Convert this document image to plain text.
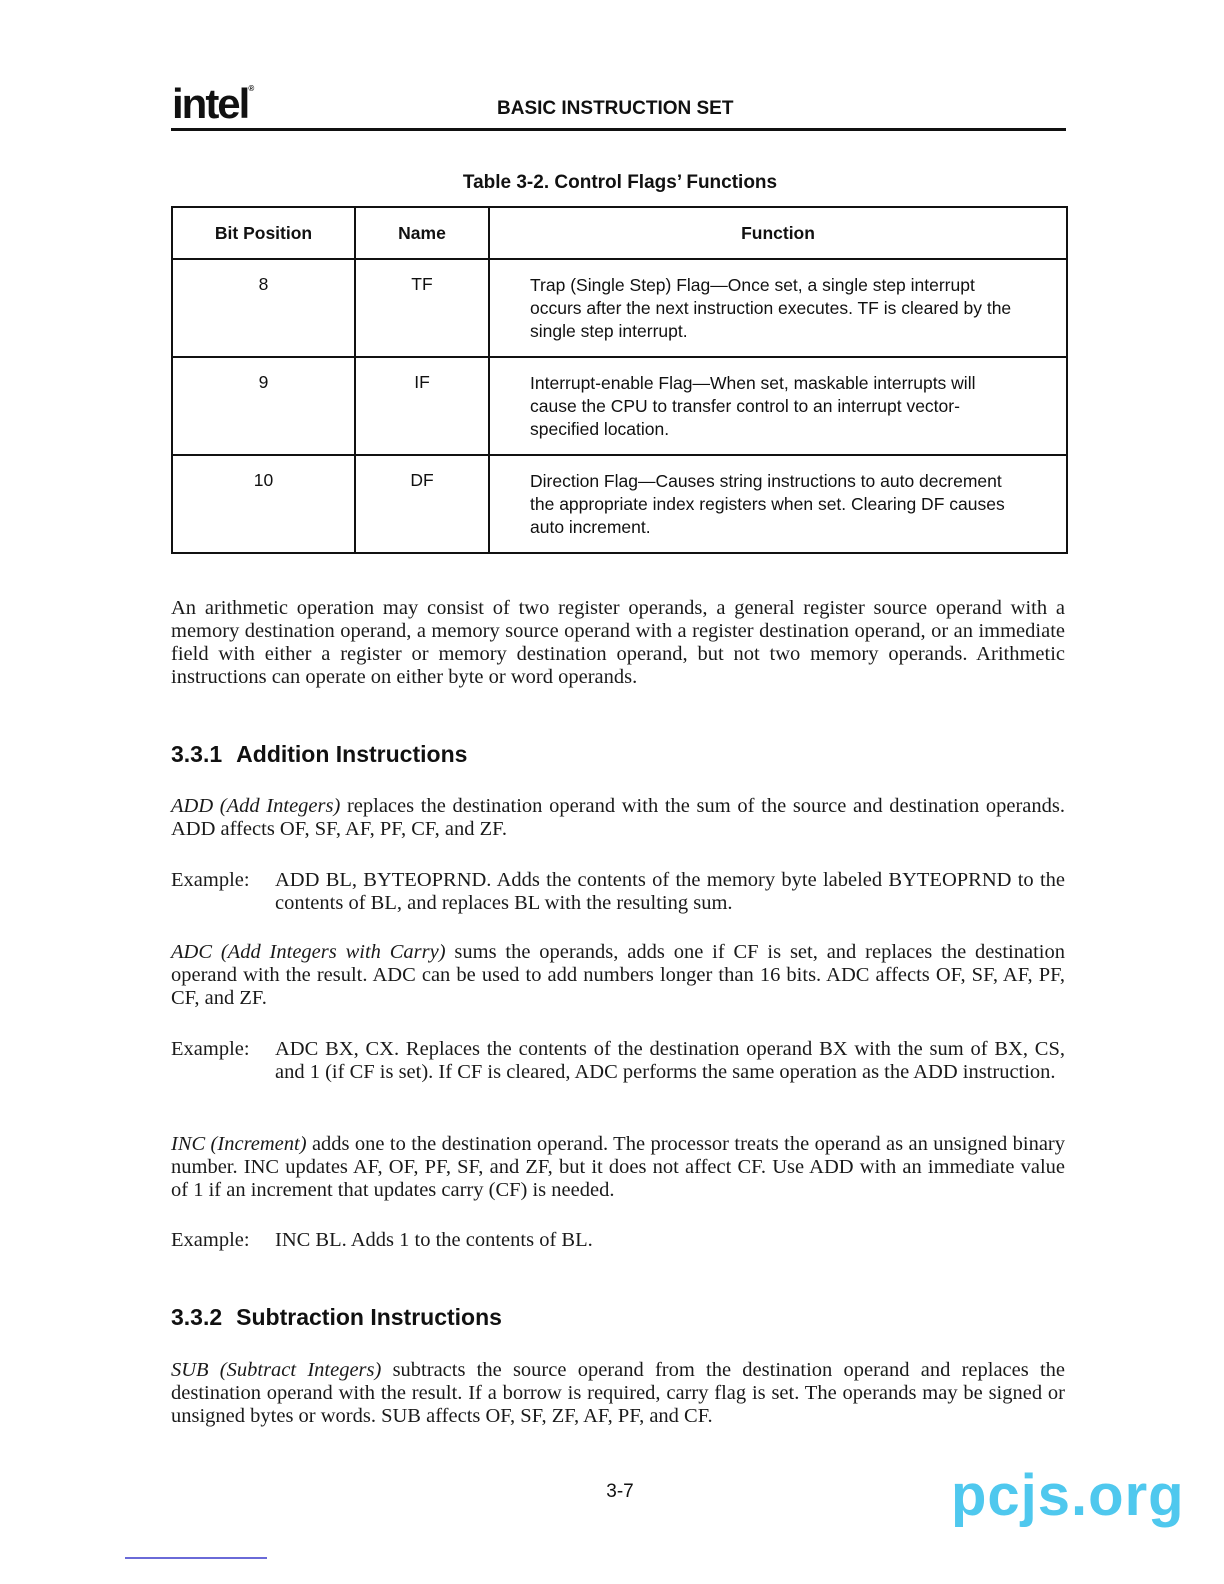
intel®
BASIC INSTRUCTION SET
Table 3-2. Control Flags’ Functions
Bit Position	Name	Function
8	TF	Trap (Single Step) Flag—Once set, a single step interrupt occurs after the next instruction executes. TF is cleared by the single step interrupt.
9	IF	Interrupt-enable Flag—When set, maskable interrupts will cause the CPU to transfer control to an interrupt vector-specified location.
10	DF	Direction Flag—Causes string instructions to auto decrement the appropriate index registers when set. Clearing DF causes auto increment.
An arithmetic operation may consist of two register operands, a general register source operand with a memory destination operand, a memory source operand with a register destination operand, or an immediate field with either a register or memory destination operand, but not two memory operands. Arithmetic instructions can operate on either byte or word operands.
3.3.1 Addition Instructions
ADD (Add Integers) replaces the destination operand with the sum of the source and destination operands. ADD affects OF, SF, AF, PF, CF, and ZF.
Example:	ADD BL, BYTEOPRND. Adds the contents of the memory byte labeled BYTEOPRND to the contents of BL, and replaces BL with the resulting sum.
ADC (Add Integers with Carry) sums the operands, adds one if CF is set, and replaces the destination operand with the result. ADC can be used to add numbers longer than 16 bits. ADC affects OF, SF, AF, PF, CF, and ZF.
Example:	ADC BX, CX. Replaces the contents of the destination operand BX with the sum of BX, CS, and 1 (if CF is set). If CF is cleared, ADC performs the same operation as the ADD instruction.
INC (Increment) adds one to the destination operand. The processor treats the operand as an unsigned binary number. INC updates AF, OF, PF, SF, and ZF, but it does not affect CF. Use ADD with an immediate value of 1 if an increment that updates carry (CF) is needed.
Example:	INC BL. Adds 1 to the contents of BL.
3.3.2 Subtraction Instructions
SUB (Subtract Integers) subtracts the source operand from the destination operand and replaces the destination operand with the result. If a borrow is required, carry flag is set. The operands may be signed or unsigned bytes or words. SUB affects OF, SF, ZF, AF, PF, and CF.
3-7	pcjs.org
